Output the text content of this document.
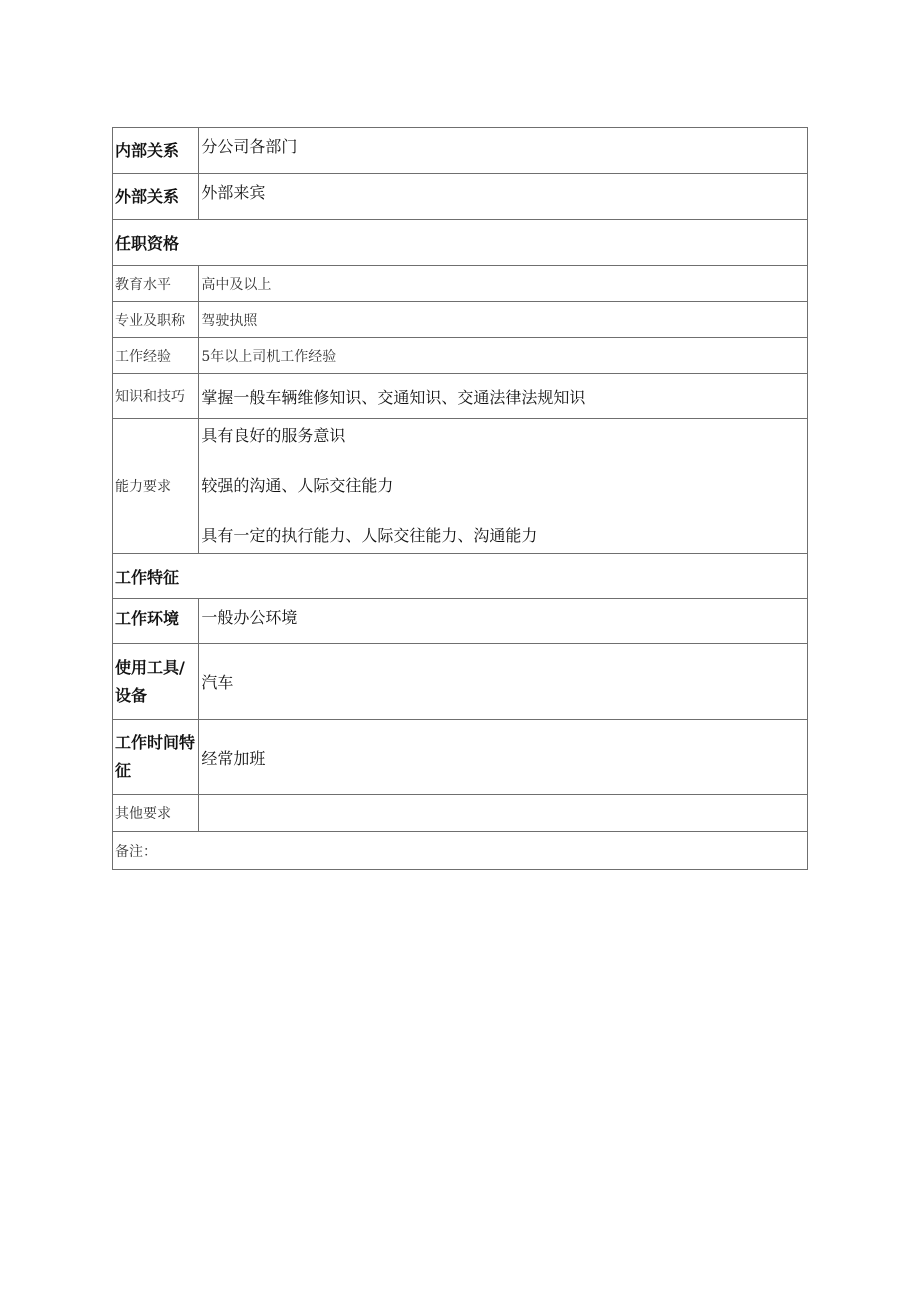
内部关系	分公司各部门
外部关系	外部来宾
任职资格	
教育水平	高中及以上
专业及职称	驾驶执照
工作经验	5年以上司机工作经验
知识和技巧	掌握一般车辆维修知识、交通知识、交通法律法规知识
能力要求	具有良好的服务意识
较强的沟通、人际交往能力
具有一定的执行能力、人际交往能力、沟通能力

工作特征	
工作环境	一般办公环境
使用工具/
设备	汽车
工作时间特
征	经常加班
其他要求	
备注：	
